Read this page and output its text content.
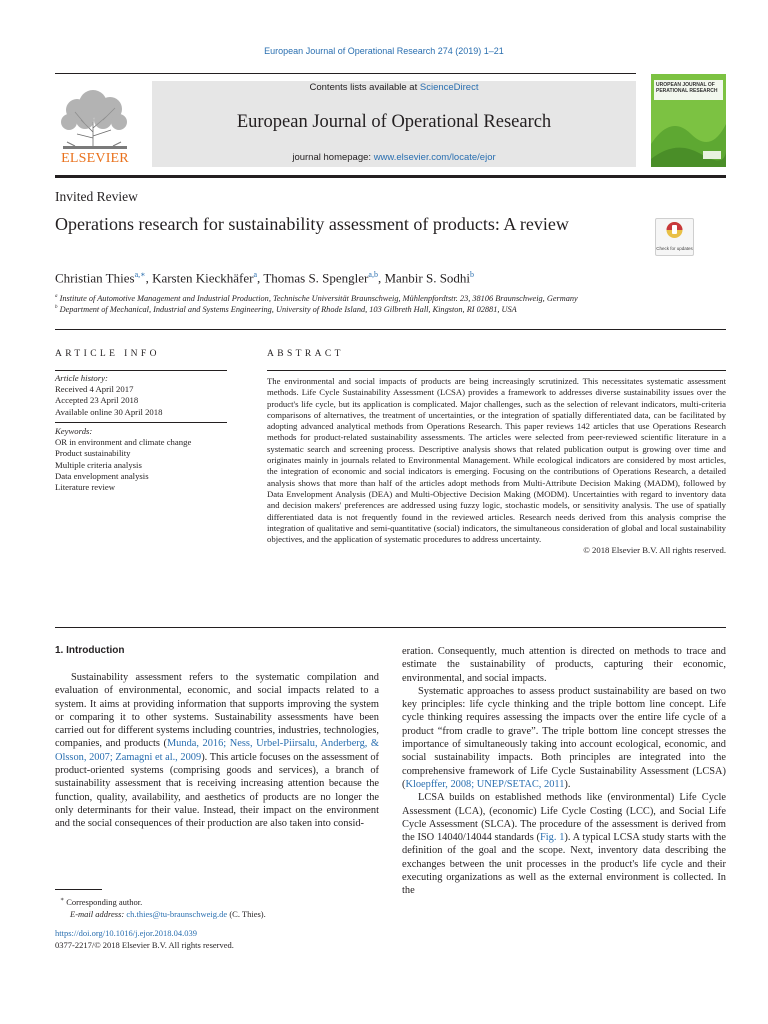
European Journal of Operational Research 274 (2019) 1–21
ELSEVIER
Contents lists available at ScienceDirect
European Journal of Operational Research
journal homepage: www.elsevier.com/locate/ejor
UROPEAN JOURNAL OF
PERATIONAL RESEARCH
Invited Review
Operations research for sustainability assessment of products: A review
Check for updates
Christian Thies$^{a,∗}$, Karsten Kieckhäfer$^a$, Thomas S. Spengler$^{a,b}$, Manbir S. Sodhi$^b$
$^a$ Institute of Automotive Management and Industrial Production, Technische Universität Braunschweig, Mühlenpfordtstr. 23, 38106 Braunschweig, Germany
$^b$ Department of Mechanical, Industrial and Systems Engineering, University of Rhode Island, 103 Gilbreth Hall, Kingston, RI 02881, USA
ARTICLE INFO
Article history:
Received 4 April 2017
Accepted 23 April 2018
Available online 30 April 2018
Keywords:
OR in environment and climate change
Product sustainability
Multiple criteria analysis
Data envelopment analysis
Literature review
ABSTRACT
The environmental and social impacts of products are being increasingly scrutinized. This necessitates systematic assessment methods. Life Cycle Sustainability Assessment (LCSA) provides a framework to addresses diverse sustainability issues over the product's life cycle, but its application is complicated. Major challenges, such as the selection of relevant indicators, multi-criteria comparisons of alternatives, the treatment of uncertainties, or the integration of spatially differentiated data, can be facilitated by adopting advanced analytical methods from Operations Research. This paper reviews 142 articles that use Operations Research methods for product-related sustainability assessments. The articles were selected from peer-reviewed scientific literature in a systematic search and screening process. Descriptive analysis shows that related publication output is growing over time and originates mainly in journals related to Environmental Management. While ecological indicators are considered by most articles, the integration of economic and social indicators is emerging. Focusing on the contributions of Operations Research, a detailed analysis shows that more than half of the articles adopt methods from Multi-Attribute Decision Making (MADM), followed by Data Envelopment Analysis (DEA) and Multi-Objective Decision Making (MODM). Uncertainties with regard to inventory data and decision makers' preferences are addressed using fuzzy logic, stochastic models, or sensitivity analysis. The use of spatially differentiated data is not frequently found in the reviewed articles. Research needs derived from this analysis comprise the integration of qualitative and semi-quantitative (social) indicators, the simultaneous consideration of global and local sustainability objectives, and the application of systematic procedures to address uncertainty.
© 2018 Elsevier B.V. All rights reserved.
1. Introduction

Sustainability assessment refers to the systematic compilation and evaluation of environmental, economic, and social impacts related to a system. It aims at providing information that supports improving the system or comparing it to other systems. Sustainability assessments have been carried out for different systems including countries, industries, technologies, companies, and products (Munda, 2016; Ness, Urbel-Piirsalu, Anderberg, & Olsson, 2007; Zamagni et al., 2009). This article focuses on the assessment of product-oriented systems (comprising goods and services), a branch of sustainability assessment that is receiving increasing attention because the function, quality, availability, and aesthetics of products are no longer the only determinants for their value. Instead, their impact on the environment and the social consequences of their production are also taken into consid-

eration. Consequently, much attention is directed on methods to trace and estimate the sustainability of products, capturing their economic, environmental, and social impacts.

Systematic approaches to assess product sustainability are based on two key principles: life cycle thinking and the triple bottom line concept. Life cycle thinking requires assessing the impacts over the entire life cycle of a product “from cradle to grave”. The triple bottom line concept stresses the importance of simultaneously taking into account ecological, economic, and social sustainability impacts. Both principles are integrated into the comprehensive framework of Life Cycle Sustainability Assessment (LCSA) (Kloepffer, 2008; UNEP/SETAC, 2011).

LCSA builds on established methods like (environmental) Life Cycle Assessment (LCA), (economic) Life Cycle Costing (LCC), and Social Life Cycle Assessment (SLCA). The procedure of the assessment is derived from the ISO 14040/14044 standards (Fig. 1). A typical LCSA study starts with the definition of the goal and the scope. Next, inventory data describing the exchanges between the unit processes in the product's life cycle and their executing organizations as well as the external environment is collected. In the

∗ Corresponding author.
E-mail address: ch.thies@tu-braunschweig.de (C. Thies).
https://doi.org/10.1016/j.ejor.2018.04.039
0377-2217/© 2018 Elsevier B.V. All rights reserved.
